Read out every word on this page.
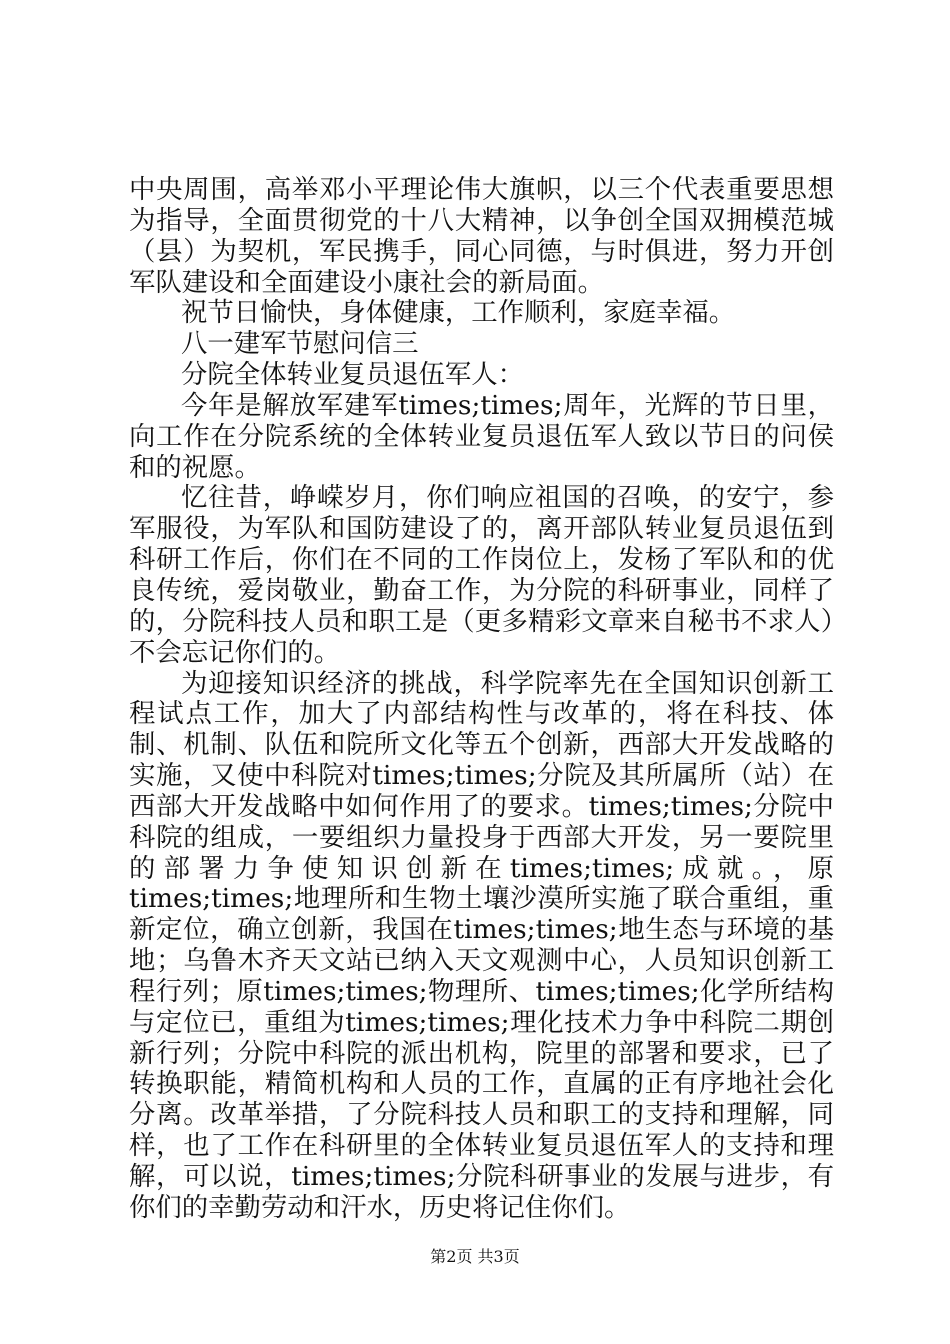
中央周围，高举邓小平理论伟大旗帜，以三个代表重要思想为指导，全面贯彻党的十八大精神，以争创全国双拥模范城（县）为契机，军民携手，同心同德，与时俱进，努力开创军队建设和全面建设小康社会的新局面。

祝节日愉快，身体健康，工作顺利，家庭幸福。

八一建军节慰问信三

分院全体转业复员退伍军人：

今年是解放军建军times;times;周年，光辉的节日里，向工作在分院系统的全体转业复员退伍军人致以节日的问侯和的祝愿。

忆往昔，峥嵘岁月，你们响应祖国的召唤，的安宁，参军服役，为军队和国防建设了的，离开部队转业复员退伍到科研工作后，你们在不同的工作岗位上，发杨了军队和的优良传统，爱岗敬业，勤奋工作，为分院的科研事业，同样了的，分院科技人员和职工是（更多精彩文章来自秘书不求人）不会忘记你们的。

为迎接知识经济的挑战，科学院率先在全国知识创新工程试点工作，加大了内部结构性与改革的，将在科技、体制、机制、队伍和院所文化等五个创新，西部大开发战略的实施，又使中科院对times;times;分院及其所属所（站）在西部大开发战略中如何作用了的要求。times;times;分院中科院的组成，一要组织力量投身于西部大开发，另一要院里的部署力争使知识创新在times;times;成就。，原times;times;地理所和生物土壤沙漠所实施了联合重组，重新定位，确立创新，我国在times;times;地生态与环境的基地；乌鲁木齐天文站已纳入天文观测中心，人员知识创新工程行列；原times;times;物理所、times;times;化学所结构与定位已，重组为times;times;理化技术力争中科院二期创新行列；分院中科院的派出机构，院里的部署和要求，已了转换职能，精简机构和人员的工作，直属的正有序地社会化分离。改革举措，了分院科技人员和职工的支持和理解，同样，也了工作在科研里的全体转业复员退伍军人的支持和理解，可以说，times;times;分院科研事业的发展与进步，有你们的幸勤劳动和汗水，历史将记住你们。

第2页 共3页
